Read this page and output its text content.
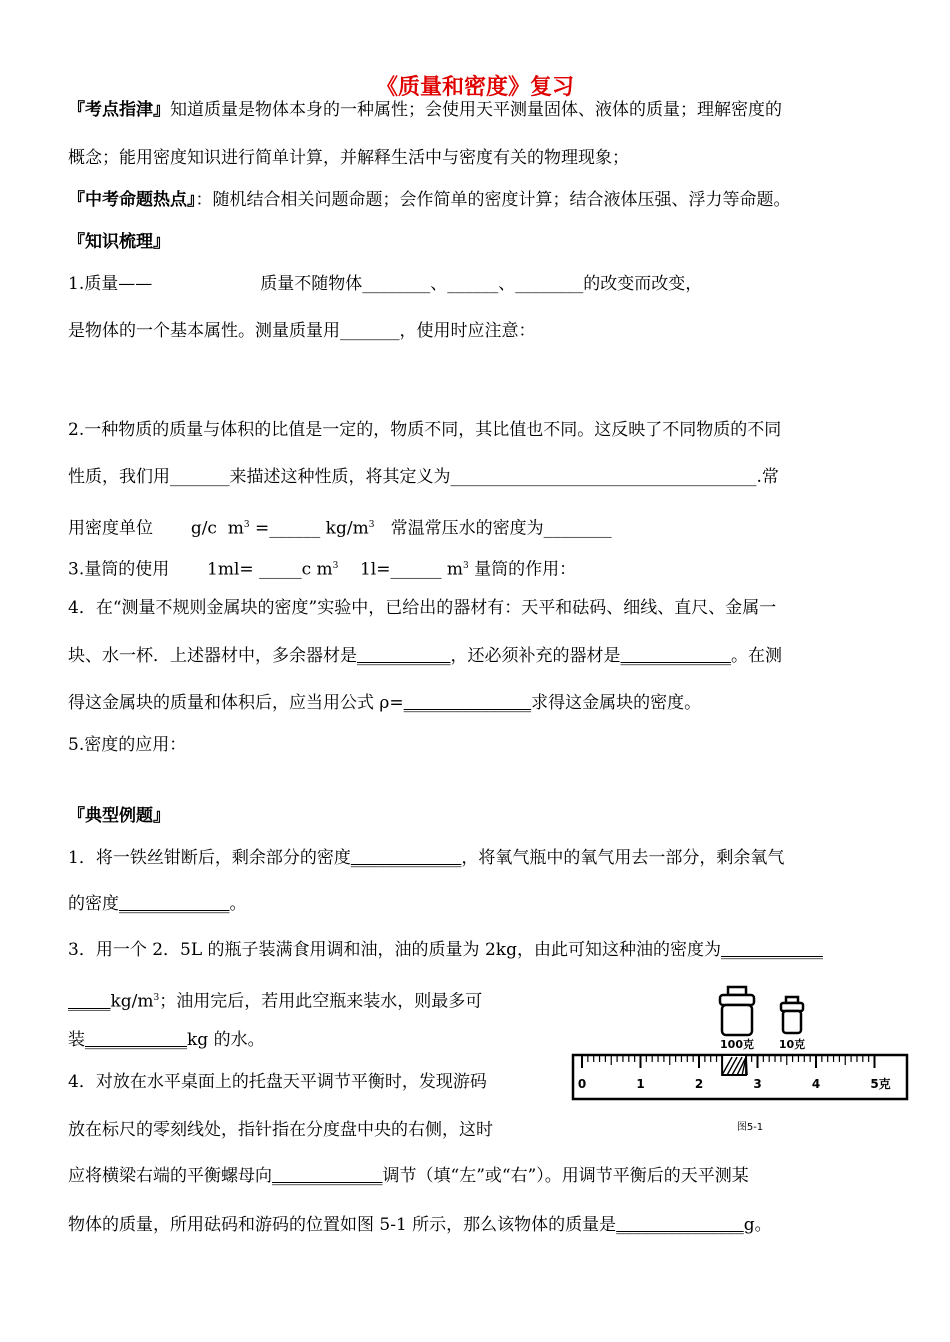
《质量和密度》复习
『考点指津』知道质量是物体本身的一种属性；会使用天平测量固体、液体的质量；理解密度的
概念；能用密度知识进行简单计算，并解释生活中与密度有关的物理现象；
『中考命题热点』：随机结合相关问题命题；会作简单的密度计算；结合液体压强、浮力等命题。
『知识梳理』
1.质量——                    质量不随物体________、______、________的改变而改变，
是物体的一个基本属性。测量质量用_______，使用时应注意：
2.一种物质的质量与体积的比值是一定的，物质不同，其比值也不同。这反映了不同物质的不同
性质，我们用_______来描述这种性质，将其定义为____________________________________.常
用密度单位       g/c  $m^3$ =______ $kg/m^3$   常温常压水的密度为________
3.量筒的使用       1ml= _____c $m^3$    1l=______ $m^3$ 量筒的作用：
4．在“测量不规则金属块的密度”实验中，已给出的器材有：天平和砝码、细线、直尺、金属一
块、水一杯．上述器材中，多余器材是___________，还必须补充的器材是_____________。在测
得这金属块的质量和体积后，应当用公式 ρ=_______________求得这金属块的密度。
5.密度的应用：
『典型例题』
1．将一铁丝钳断后，剩余部分的密度_____________，将氧气瓶中的氧气用去一部分，剩余氧气
的密度_____________。
3．用一个 2．5L 的瓶子装满食用调和油，油的质量为 2kg，由此可知这种油的密度为____________
$\_\_\_\_\_kg/m^3$；油用完后，若用此空瓶来装水，则最多可
装____________kg 的水。
4．对放在水平桌面上的托盘天平调节平衡时，发现游码
放在标尺的零刻线处，指针指在分度盘中央的右侧，这时
应将横梁右端的平衡螺母向_____________调节（填“左”或“右”）。用调节平衡后的天平测某
物体的质量，所用砝码和游码的位置如图 5-1 所示，那么该物体的质量是_______________g。
100克 10克
0	1	2	3	4	5克
图5-1
